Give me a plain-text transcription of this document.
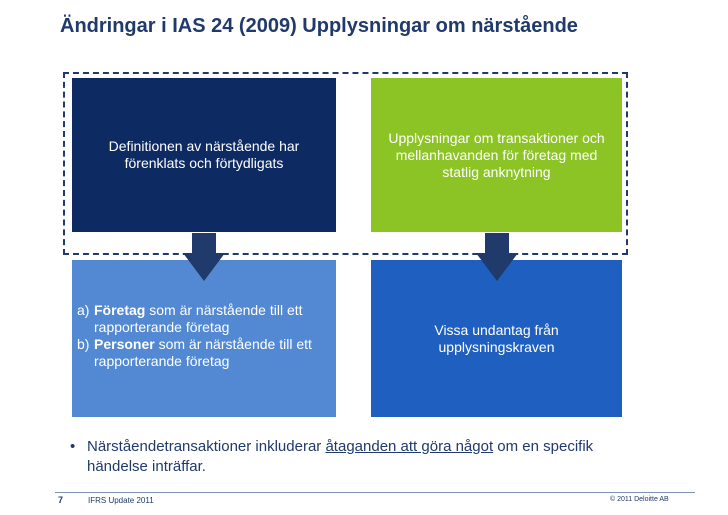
Ändringar i IAS 24 (2009) Upplysningar om närstående
Definitionen av närstående har förenklats och förtydligats
Upplysningar om transaktioner och mellanhavanden för företag med statlig anknytning
a) Företag som är närstående till ett rapporterande företag
b) Personer som är närstående till ett rapporterande företag
Vissa undantag från upplysningskraven
• Närståendetransaktioner inkluderar åtaganden att göra något om en specifik händelse inträffar.
7	IFRS Update 2011	© 2011 Deloitte AB
